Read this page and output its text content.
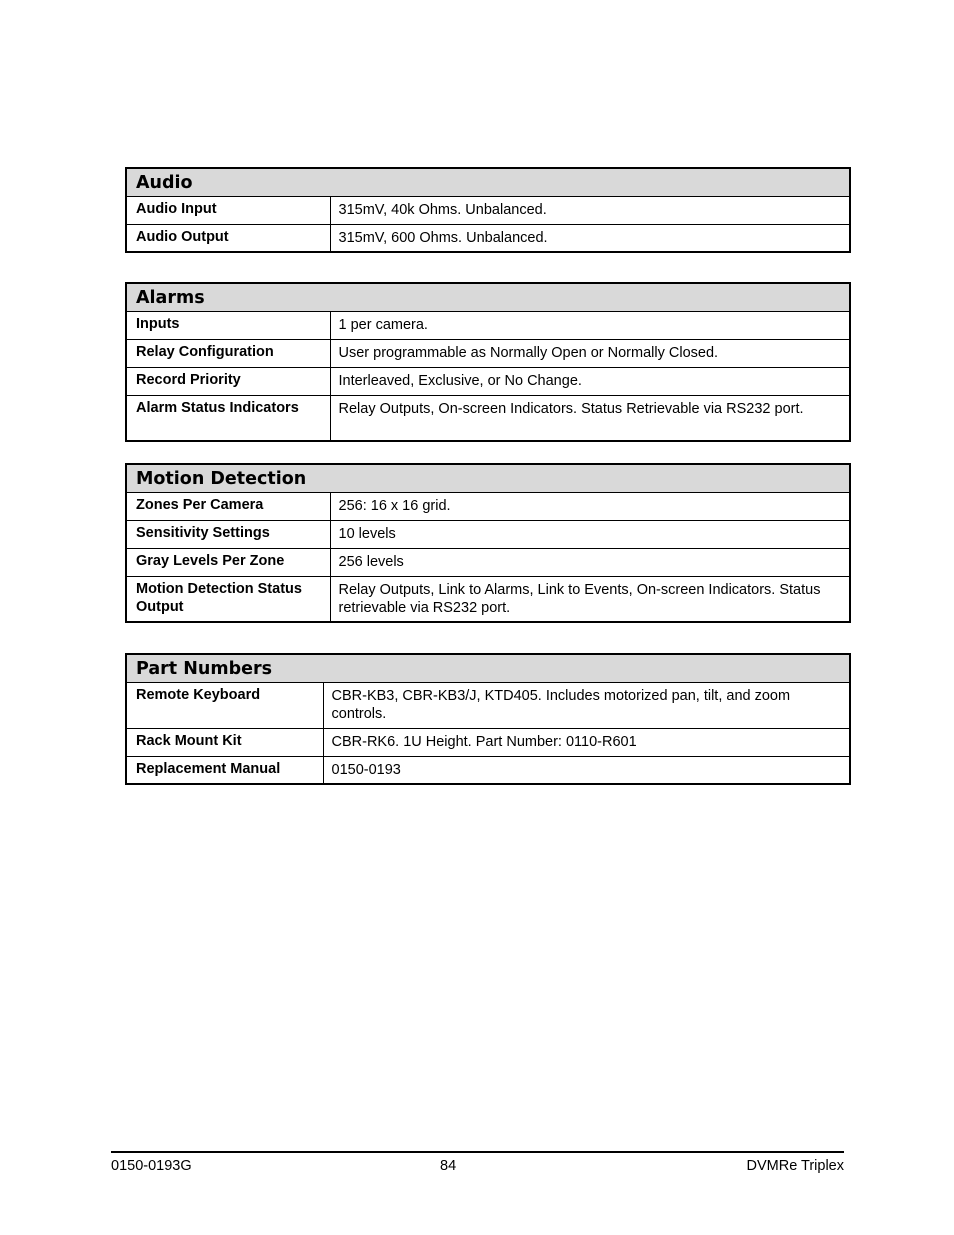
Audio	
Audio Input	315mV, 40k Ohms. Unbalanced.
Audio Output	315mV, 600 Ohms. Unbalanced.
Alarms	
Inputs	1 per camera.
Relay Configuration	User programmable as Normally Open or Normally Closed.
Record Priority	Interleaved, Exclusive, or No Change.
Alarm Status Indicators	Relay Outputs, On-screen Indicators. Status Retrievable via RS232 port.
Motion Detection	
Zones Per Camera	256: 16 x 16 grid.
Sensitivity Settings	10 levels
Gray Levels Per Zone	256 levels
Motion Detection Status Output	Relay Outputs, Link to Alarms, Link to Events, On-screen Indicators. Status retrievable via RS232 port.
Part Numbers	
Remote Keyboard	CBR-KB3, CBR-KB3/J, KTD405. Includes motorized pan, tilt, and zoom controls.
Rack Mount Kit	CBR-RK6. 1U Height. Part Number: 0110-R601
Replacement Manual	0150-0193
0150-0193G	84	DVMRe Triplex
